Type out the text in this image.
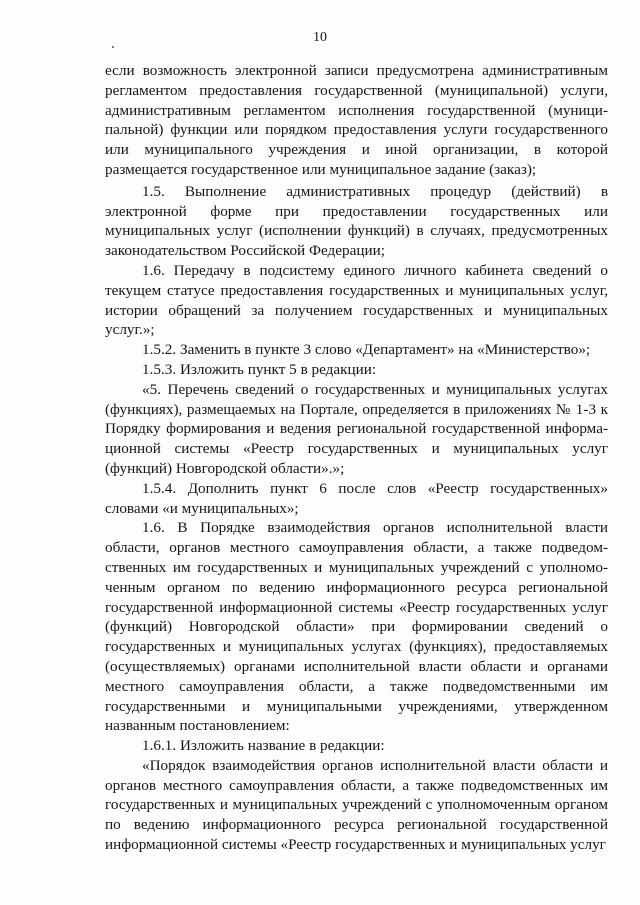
10

если возможность электронной записи предусмотрена административным регламентом предоставления государственной (муниципальной) услуги, административным регламентом исполнения государственной (муниципальной) функции или порядком предоставления услуги государственного или муниципального учреждения и иной организации, в которой размещается государственное или муниципальное задание (заказ);

1.5. Выполнение административных процедур (действий) в электронной форме при предоставлении государственных или муниципальных услуг (исполнении функций) в случаях, предусмотренных законодательством Российской Федерации;

1.6. Передачу в подсистему единого личного кабинета сведений о текущем статусе предоставления государственных и муниципальных услуг, истории обращений за получением государственных и муниципальных услуг.»;

1.5.2. Заменить в пункте 3 слово «Департамент» на «Министерство»;

1.5.3. Изложить пункт 5 в редакции:

«5. Перечень сведений о государственных и муниципальных услугах (функциях), размещаемых на Портале, определяется в приложениях № 1-3 к Порядку формирования и ведения региональной государственной информационной системы «Реестр государственных и муниципальных услуг (функций) Новгородской области».»;

1.5.4. Дополнить пункт 6 после слов «Реестр государственных» словами «и муниципальных»;

1.6. В Порядке взаимодействия органов исполнительной власти области, органов местного самоуправления области, а также подведомственных им государственных и муниципальных учреждений с уполномоченным органом по ведению информационного ресурса региональной государственной информационной системы «Реестр государственных услуг (функций) Новгородской области» при формировании сведений о государственных и муниципальных услугах (функциях), предоставляемых (осуществляемых) органами исполнительной власти области и органами местного самоуправления области, а также подведомственными им государственными и муниципальными учреждениями, утвержденном названным постановлением:

1.6.1. Изложить название в редакции:

«Порядок взаимодействия органов исполнительной власти области и органов местного самоуправления области, а также подведомственных им государственных и муниципальных учреждений с уполномоченным органом по ведению информационного ресурса региональной государственной информационной системы «Реестр государственных и муниципальных услуг
